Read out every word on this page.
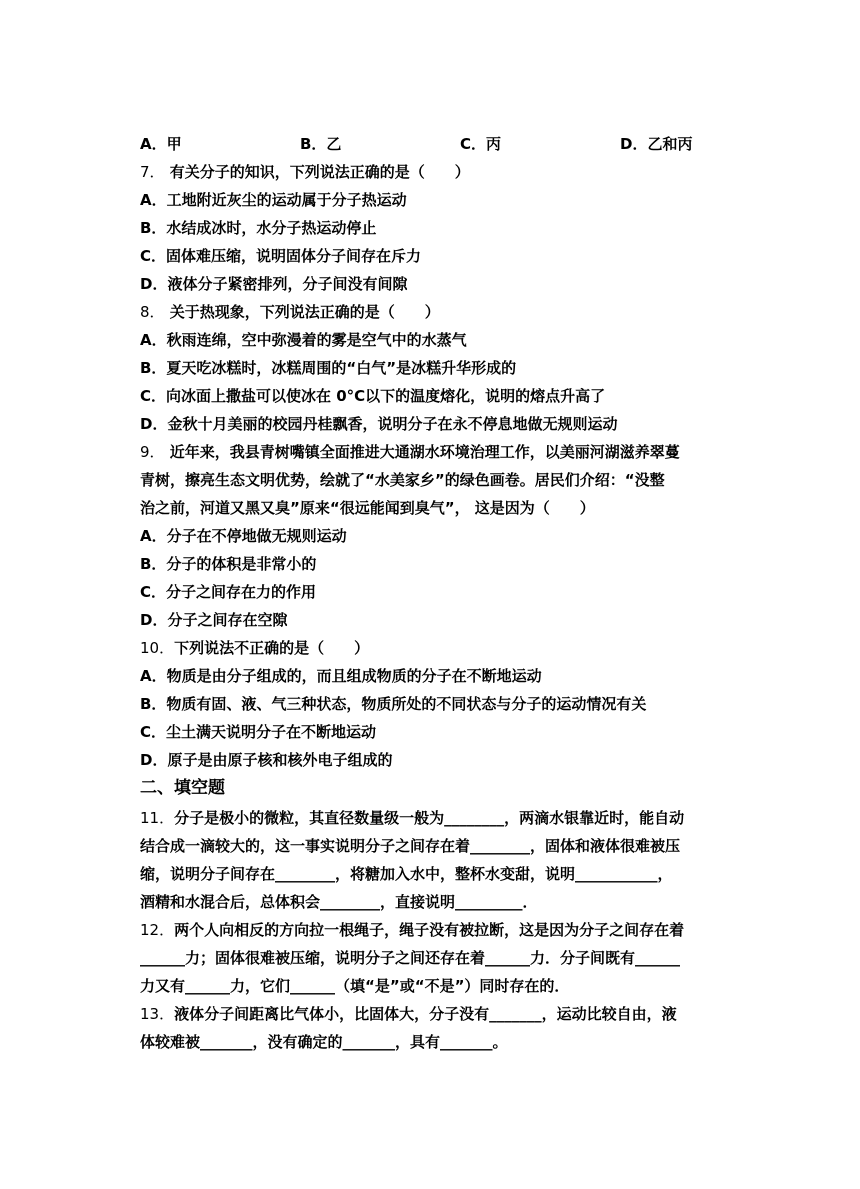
A．甲	B．乙	C．丙	D．乙和丙
7． 有关分子的知识，下列说法正确的是（　　）
A．工地附近灰尘的运动属于分子热运动
B．水结成冰时，水分子热运动停止
C．固体难压缩，说明固体分子间存在斥力
D．液体分子紧密排列，分子间没有间隙
8． 关于热现象，下列说法正确的是（　　）
A．秋雨连绵，空中弥漫着的雾是空气中的水蒸气
B．夏天吃冰糕时，冰糕周围的“白气”是冰糕升华形成的
C．向冰面上撒盐可以使冰在 0°C以下的温度熔化，说明的熔点升高了
D．金秋十月美丽的校园丹桂飘香，说明分子在永不停息地做无规则运动
9． 近年来，我县青树嘴镇全面推进大通湖水环境治理工作，以美丽河湖滋养翠蔓
青树，擦亮生态文明优势，绘就了“水美家乡”的绿色画卷。居民们介绍：“没整
治之前，河道又黑又臭”原来“很远能闻到臭气”， 这是因为（　　）
A．分子在不停地做无规则运动
B．分子的体积是非常小的
C．分子之间存在力的作用
D．分子之间存在空隙
10．下列说法不正确的是（　　）
A．物质是由分子组成的，而且组成物质的分子在不断地运动
B．物质有固、液、气三种状态，物质所处的不同状态与分子的运动情况有关
C．尘土满天说明分子在不断地运动
D．原子是由原子核和核外电子组成的
二、填空题
11．分子是极小的微粒，其直径数量级一般为________，两滴水银靠近时，能自动
结合成一滴较大的，这一事实说明分子之间存在着________，固体和液体很难被压
缩，说明分子间存在________，将糖加入水中，整杯水变甜，说明___________，
酒精和水混合后，总体积会________，直接说明_________．
12．两个人向相反的方向拉一根绳子，绳子没有被拉断，这是因为分子之间存在着
______力；固体很难被压缩，说明分子之间还存在着______力．分子间既有______
力又有______力，它们______（填“是”或“不是”）同时存在的．
13．液体分子间距离比气体小，比固体大，分子没有_______，运动比较自由，液
体较难被_______，没有确定的_______，具有_______。
